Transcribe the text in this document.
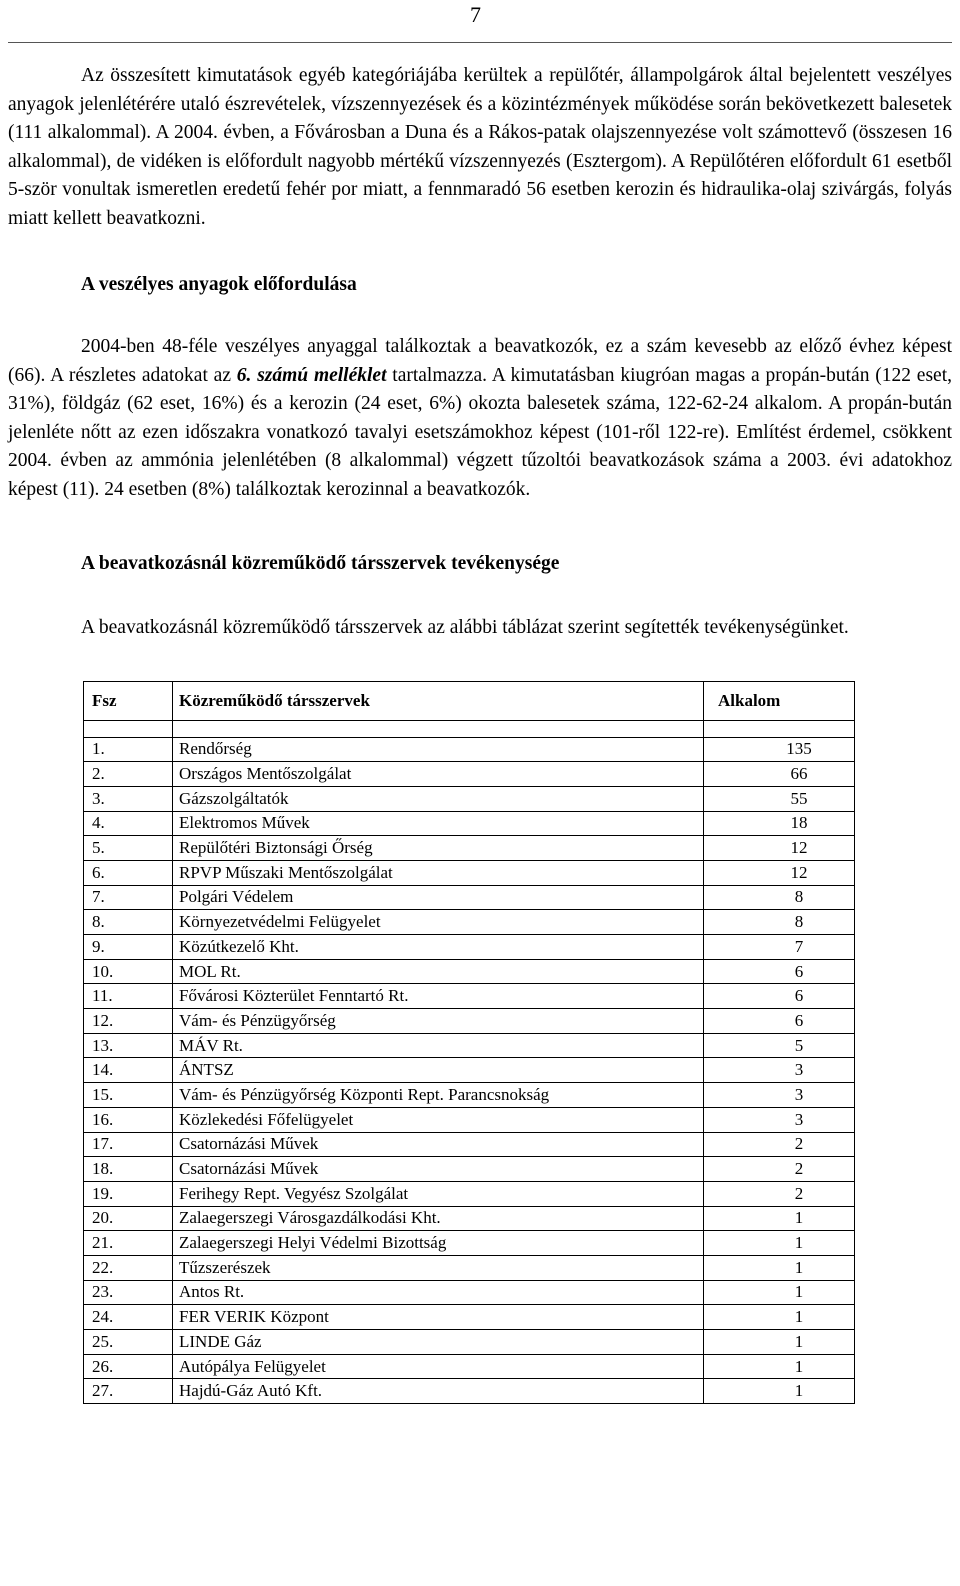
7

Az összesített kimutatások egyéb kategóriájába kerültek a repülőtér, állampolgárok által bejelentett veszélyes anyagok jelenlétérére utaló észrevételek, vízszennyezések és a közintézmények működése során bekövetkezett balesetek (111 alkalommal). A 2004. évben, a Fővárosban a Duna és a Rákos-patak olajszennyezése volt számottevő (összesen 16 alkalommal), de vidéken is előfordult nagyobb mértékű vízszennyezés (Esztergom). A Repülőtéren előfordult 61 esetből 5-ször vonultak ismeretlen eredetű fehér por miatt, a fennmaradó 56 esetben kerozin és hidraulika-olaj szivárgás, folyás miatt kellett beavatkozni.

A veszélyes anyagok előfordulása

2004-ben 48-féle veszélyes anyaggal találkoztak a beavatkozók, ez a szám kevesebb az előző évhez képest (66). A részletes adatokat az 6. számú melléklet tartalmazza. A kimutatásban kiugróan magas a propán-bután (122 eset, 31%), földgáz (62 eset, 16%) és a kerozin (24 eset, 6%) okozta balesetek száma, 122-62-24 alkalom. A propán-bután jelenléte nőtt az ezen időszakra vonatkozó tavalyi esetszámokhoz képest (101-ről 122-re). Említést érdemel, csökkent 2004. évben az ammónia jelenlétében (8 alkalommal) végzett tűzoltói beavatkozások száma a 2003. évi adatokhoz képest (11). 24 esetben (8%) találkoztak kerozinnal a beavatkozók.

A beavatkozásnál közreműködő társszervek tevékenysége

A beavatkozásnál közreműködő társszervek az alábbi táblázat szerint segítették tevékenységünket.

Fsz	Közreműködő társszervek	Alkalom

1.	Rendőrség	135
2.	Országos Mentőszolgálat	66
3.	Gázszolgáltatók	55
4.	Elektromos Művek	18
5.	Repülőtéri Biztonsági Őrség	12
6.	RPVP Műszaki Mentőszolgálat	12
7.	Polgári Védelem	8
8.	Környezetvédelmi Felügyelet	8
9.	Közútkezelő Kht.	7
10.	MOL Rt.	6
11.	Fővárosi Közterület Fenntartó Rt.	6
12.	Vám- és Pénzügyőrség	6
13.	MÁV Rt.	5
14.	ÁNTSZ	3
15.	Vám- és Pénzügyőrség Központi Rept. Parancsnokság	3
16.	Közlekedési Főfelügyelet	3
17.	Csatornázási Művek	2
18.	Csatornázási Művek	2
19.	Ferihegy Rept. Vegyész Szolgálat	2
20.	Zalaegerszegi Városgazdálkodási Kht.	1
21.	Zalaegerszegi Helyi Védelmi Bizottság	1
22.	Tűzszerészek	1
23.	Antos Rt.	1
24.	FER VERIK Központ	1
25.	LINDE Gáz	1
26.	Autópálya Felügyelet	1
27.	Hajdú-Gáz Autó Kft.	1
